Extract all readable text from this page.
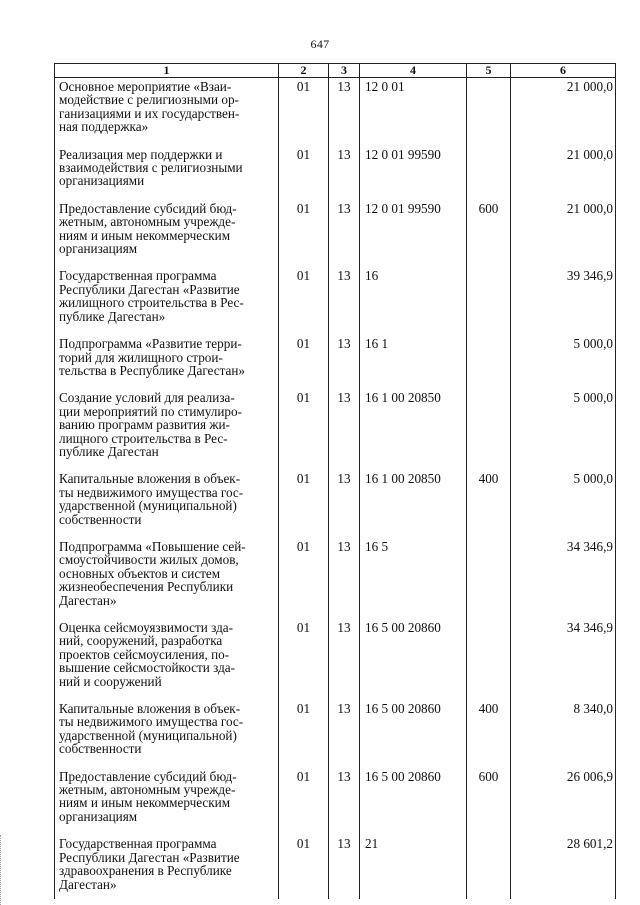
647
1	2	3	4	5	6
Основное мероприятие «Взаи-
модействие с религиозными ор-
ганизациями и их государствен-
ная поддержка»	01	13	12 0 01		21 000,0
Реализация мер поддержки и
взаимодействия с религиозными
организациями	01	13	12 0 01 99590		21 000,0
Предоставление субсидий бюд-
жетным, автономным учрежде-
ниям и иным некоммерческим
организациям	01	13	12 0 01 99590	600	21 000,0
Государственная программа
Республики Дагестан «Развитие
жилищного строительства в Рес-
публике Дагестан»	01	13	16		39 346,9
Подпрограмма «Развитие терри-
торий для жилищного строи-
тельства в Республике Дагестан»	01	13	16 1		5 000,0
Создание условий для реализа-
ции мероприятий по стимулиро-
ванию программ развития жи-
лищного строительства в Рес-
публике Дагестан	01	13	16 1 00 20850		5 000,0
Капитальные вложения в объек-
ты недвижимого имущества гос-
ударственной (муниципальной)
собственности	01	13	16 1 00 20850	400	5 000,0
Подпрограмма «Повышение сей-
смоустойчивости жилых домов,
основных объектов и систем
жизнеобеспечения Республики
Дагестан»	01	13	16 5		34 346,9
Оценка сейсмоуязвимости зда-
ний, сооружений, разработка
проектов сейсмоусиления, по-
вышение сейсмостойкости зда-
ний и сооружений	01	13	16 5 00 20860		34 346,9
Капитальные вложения в объек-
ты недвижимого имущества гос-
ударственной (муниципальной)
собственности	01	13	16 5 00 20860	400	8 340,0
Предоставление субсидий бюд-
жетным, автономным учрежде-
ниям и иным некоммерческим
организациям	01	13	16 5 00 20860	600	26 006,9
Государственная программа
Республики Дагестан «Развитие
здравоохранения в Республике
Дагестан»	01	13	21		28 601,2
